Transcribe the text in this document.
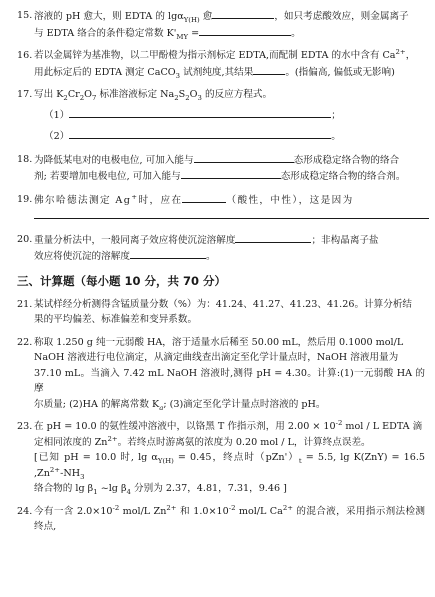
15. 溶液的 pH 愈大，则 EDTA 的 lgα$_{Y(H)}$ 愈	，如只考虑酸效应，则金属离子
与 EDTA 络合的条件稳定常数 $K'_{MY}$ =	。
16. 若以金属锌为基准物，以二甲酚橙为指示剂标定 EDTA,而配制 EDTA 的水中含有 $Ca^{2+}$，
用此标定后的 EDTA 测定 CaCO$_3$ 试剂纯度,其结果	。(指偏高, 偏低或无影响)
17. 写出 $K_2Cr_2O_7$ 标准溶液标定 $Na_2S_2O_3$ 的反应方程式。
（1）	；
（2）	。
18. 为降低某电对的电极电位, 可加入能与	态形成稳定络合物的络合
剂; 若要增加电极电位, 可加入能与	态形成稳定络合物的络合剂。
19. 佛尔哈德法测定 Ag+时，应在	（酸性，中性），这是因为
20. 重量分析法中，一般同离子效应将使沉淀溶解度	；非构晶离子盐
效应将使沉淀的溶解度	。
三、计算题（每小题 10 分，共 70 分）
21. 某试样经分析测得含锰质量分数（%）为：41.24、41.27、41.23、41.26。计算分析结
果的平均偏差、标准偏差和变异系数。
22. 称取 1.250 g 纯一元弱酸 HA，溶于适量水后稀至 50.00 mL，然后用 0.1000 mol/L
NaOH 溶液进行电位滴定，从滴定曲线查出滴定至化学计量点时，NaOH 溶液用量为
37.10 mL。当滴入 7.42 mL NaOH 溶液时,测得 pH = 4.30。计算:(1)一元弱酸 HA 的摩
尔质量; (2)HA 的解离常数 $K_a$; (3)滴定至化学计量点时溶液的 pH。
23. 在 pH = 10.0 的氨性缓冲溶液中，以铬黑 T 作指示剂，用 $2.00 \times 10^{-2}$ mol / L EDTA 滴
定相同浓度的 $Zn^{2+}$。若终点时游离氨的浓度为 0.20 mol / L，计算终点误差。
[已知 pH = 10.0 时, $\lg \alpha_{Y(H)} = 0.45$，终点时$(pZn')_t = 5.5$, lg K(ZnY) = 16.5 $,Zn^{2+}-NH_3$
络合物的 $\lg \beta_1$ ~lg $\beta_4$ 分别为 2.37，4.81，7.31，9.46 ]
24. 今有一含 $2.0\times 10^{-2}$ mol/L $Zn^{2+}$ 和 $1.0\times 10^{-2}$ mol/L $Ca^{2+}$ 的混合液，采用指示剂法检测终点,
